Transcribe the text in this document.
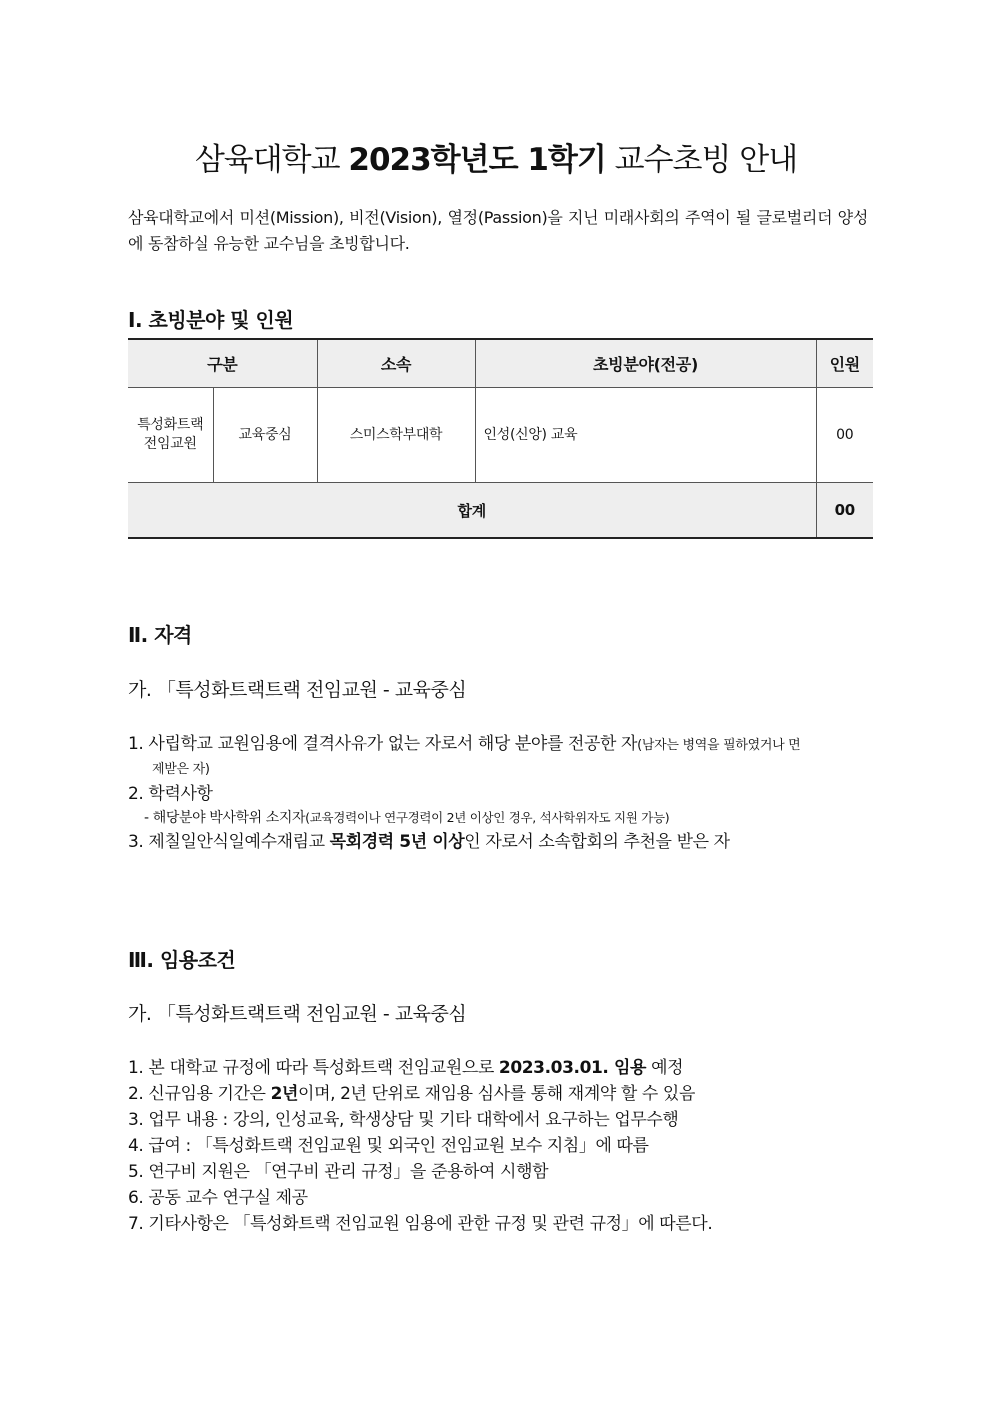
삼육대학교 2023학년도 1학기 교수초빙 안내
삼육대학교에서 미션(Mission), 비전(Vision), 열정(Passion)을 지닌 미래사회의 주역이 될 글로벌리더 양성에 동참하실 유능한 교수님을 초빙합니다.
Ⅰ. 초빙분야 및 인원
구분		소속	초빙분야(전공)	인원
특성화트랙 전임교원	교육중심	스미스학부대학	인성(신앙) 교육	00
합계				00
Ⅱ. 자격
가. 「특성화트랙트랙 전임교원 - 교육중심
1. 사립학교 교원임용에 결격사유가 없는 자로서 해당 분야를 전공한 자(남자는 병역을 필하였거나 면
제받은 자)
2. 학력사항
- 해당분야 박사학위 소지자(교육경력이나 연구경력이 2년 이상인 경우, 석사학위자도 지원 가능)
3. 제칠일안식일예수재림교 목회경력 5년 이상인 자로서 소속합회의 추천을 받은 자
Ⅲ. 임용조건
가. 「특성화트랙트랙 전임교원 - 교육중심
1. 본 대학교 규정에 따라 특성화트랙 전임교원으로 2023.03.01. 임용 예정
2. 신규임용 기간은 2년이며, 2년 단위로 재임용 심사를 통해 재계약 할 수 있음
3. 업무 내용 : 강의, 인성교육, 학생상담 및 기타 대학에서 요구하는 업무수행
4. 급여 : 「특성화트랙 전임교원 및 외국인 전임교원 보수 지침」에 따름
5. 연구비 지원은 「연구비 관리 규정」을 준용하여 시행함
6. 공동 교수 연구실 제공
7. 기타사항은 「특성화트랙 전임교원 임용에 관한 규정 및 관련 규정」에 따른다.
